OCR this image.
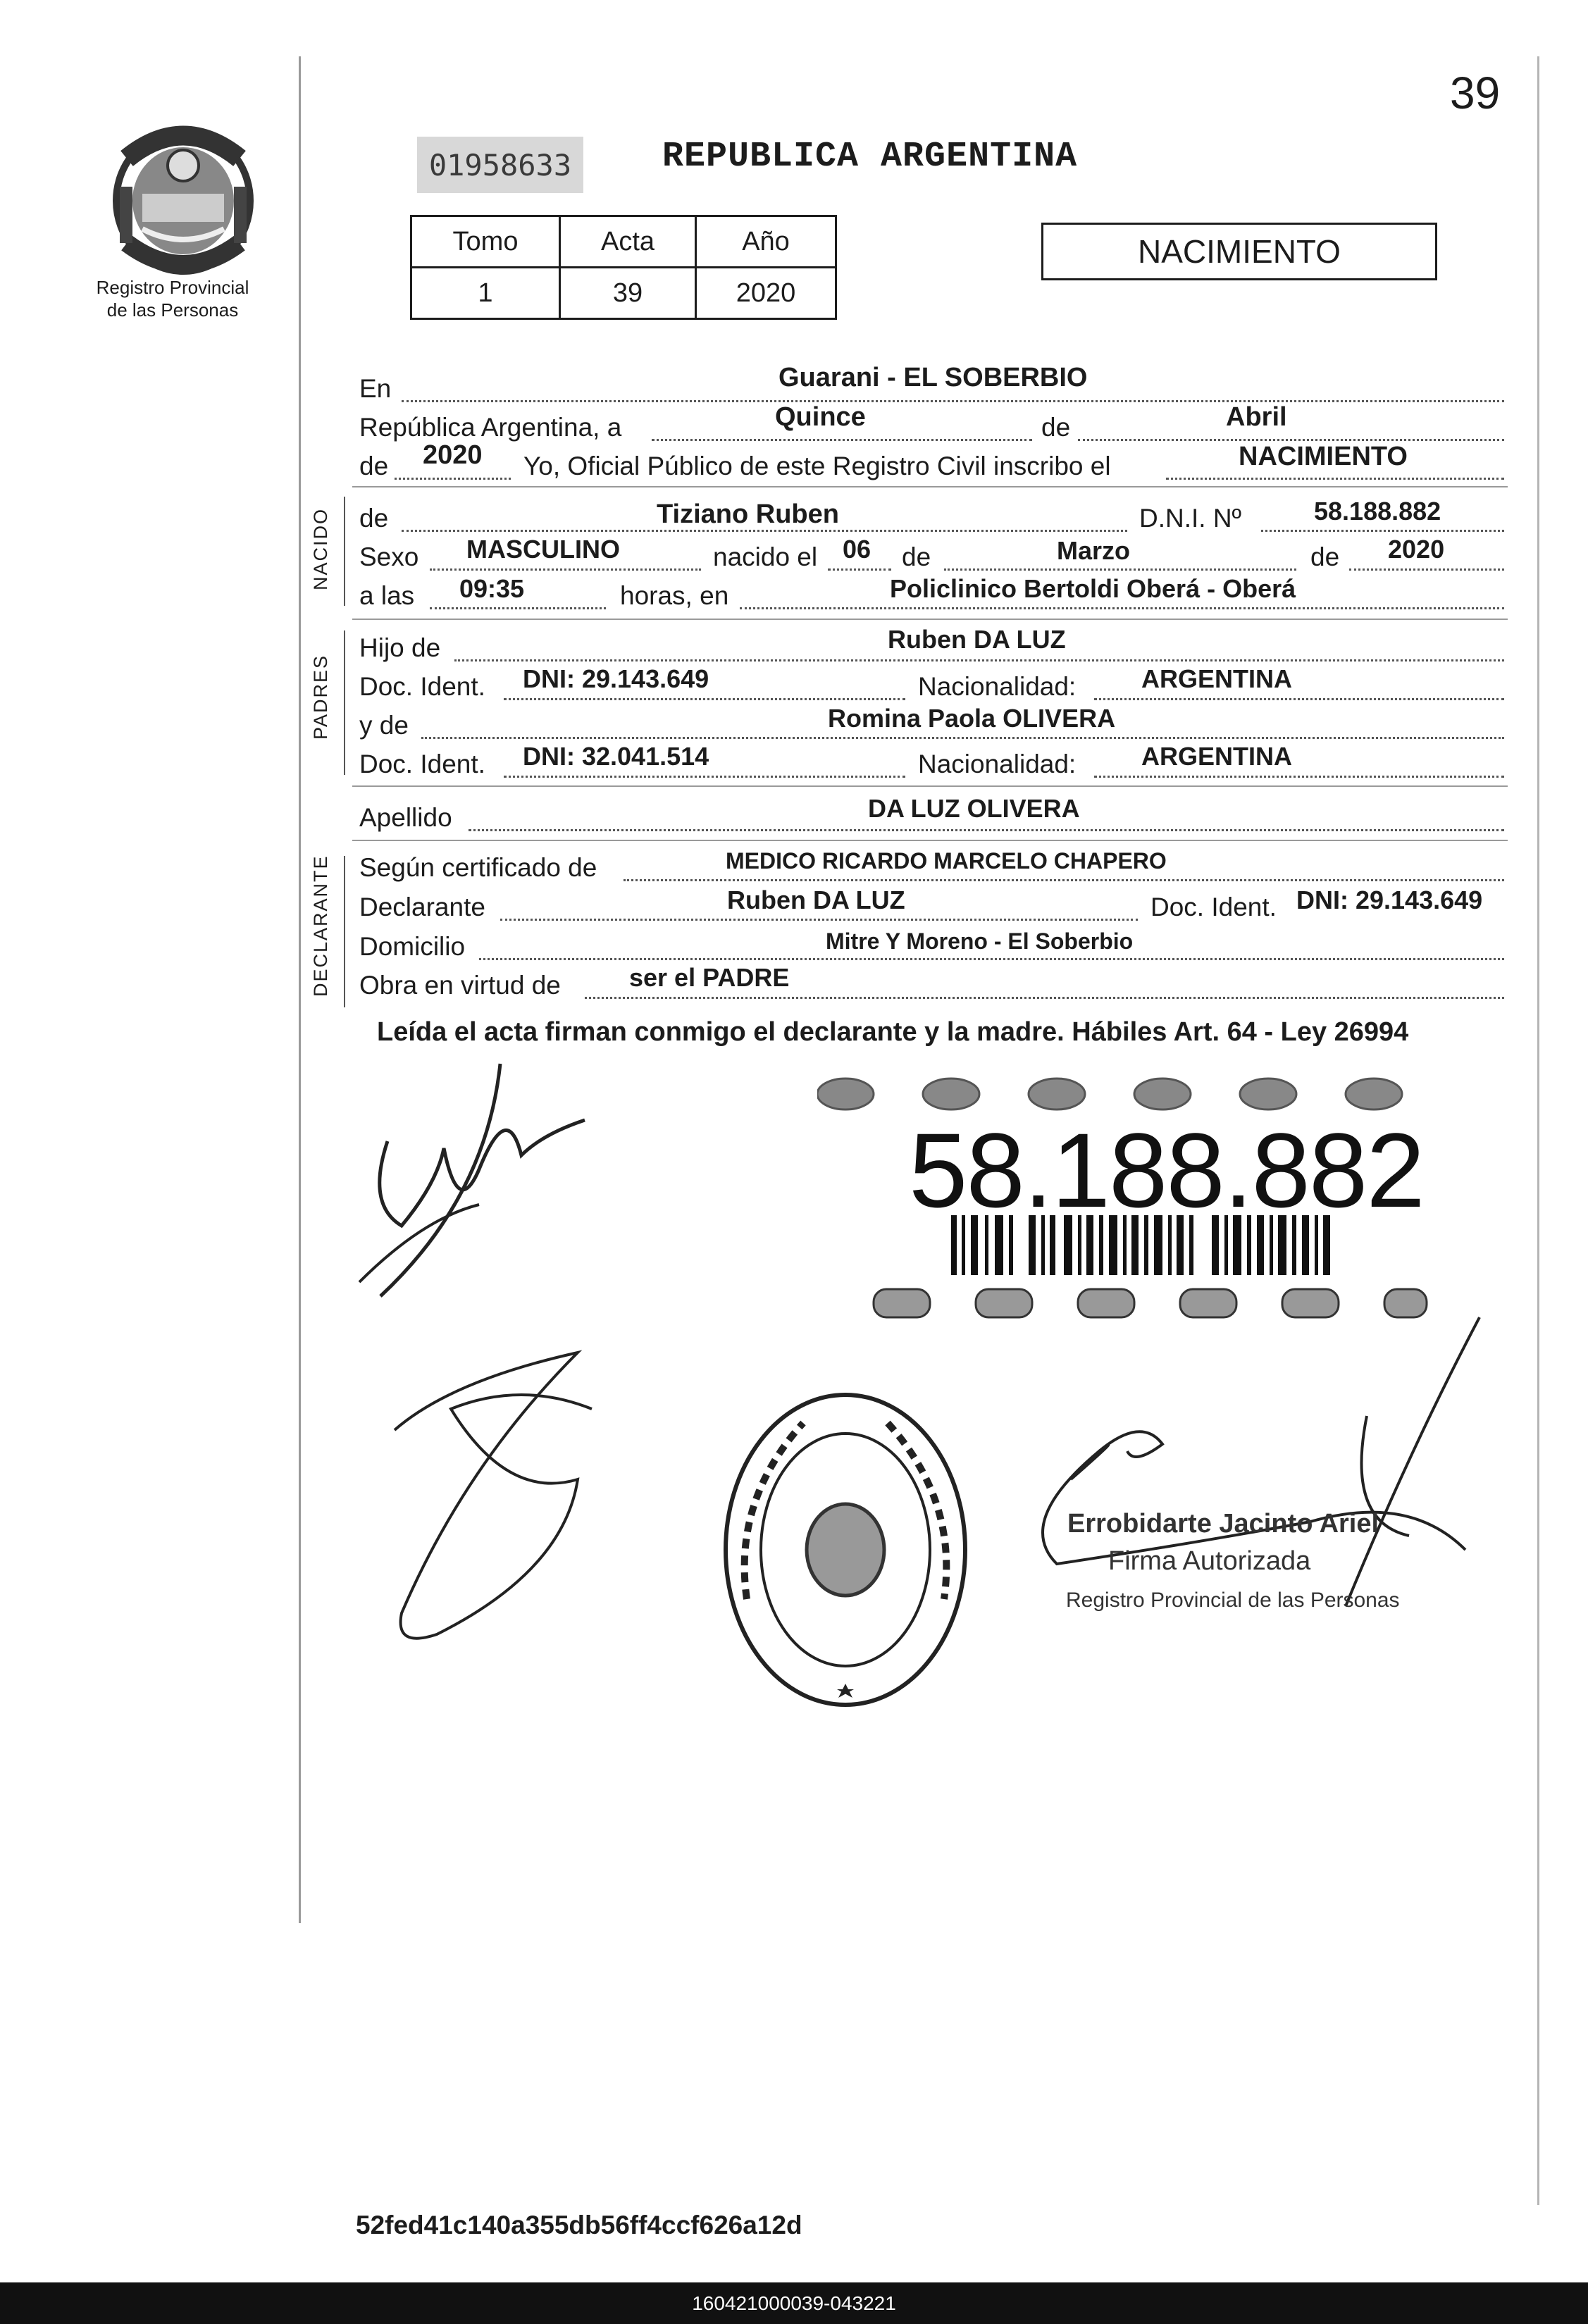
39
Registro Provincial
de las Personas
01958633	REPUBLICA ARGENTINA
Tomo	Acta	Año
1	39	2020
NACIMIENTO
En	Guarani - EL SOBERBIO
República Argentina, a	Quince	de	Abril
de 2020 Yo, Oficial Público de este Registro Civil inscribo el	NACIMIENTO
NACIDO de	Tiziano Ruben	D.N.I. Nº	58.188.882
Sexo MASCULINO	nacido el 06 de	Marzo	de 2020
a las 09:35	horas, en	Policlinico Bertoldi Oberá - Oberá
PADRES
Hijo de	Ruben DA LUZ
Doc. Ident. DNI: 29.143.649	Nacionalidad:	ARGENTINA
y de	Romina Paola OLIVERA
Doc. Ident. DNI: 32.041.514	Nacionalidad:	ARGENTINA
Apellido	DA LUZ OLIVERA
DECLARANTE Según certificado de	MEDICO RICARDO MARCELO CHAPERO
Declarante	Ruben DA LUZ	Doc. Ident. DNI: 29.143.649
Domicilio	Mitre Y Moreno - El Soberbio
Obra en virtud de	ser el PADRE
Leída el acta firman conmigo el declarante y la madre. Hábiles Art. 64 - Ley 26994
58.188.882
Errobidarte Jacinto Ariel
Firma Autorizada
Registro Provincial de las Personas
52fed41c140a355db56ff4ccf626a12d
160421000039-043221
